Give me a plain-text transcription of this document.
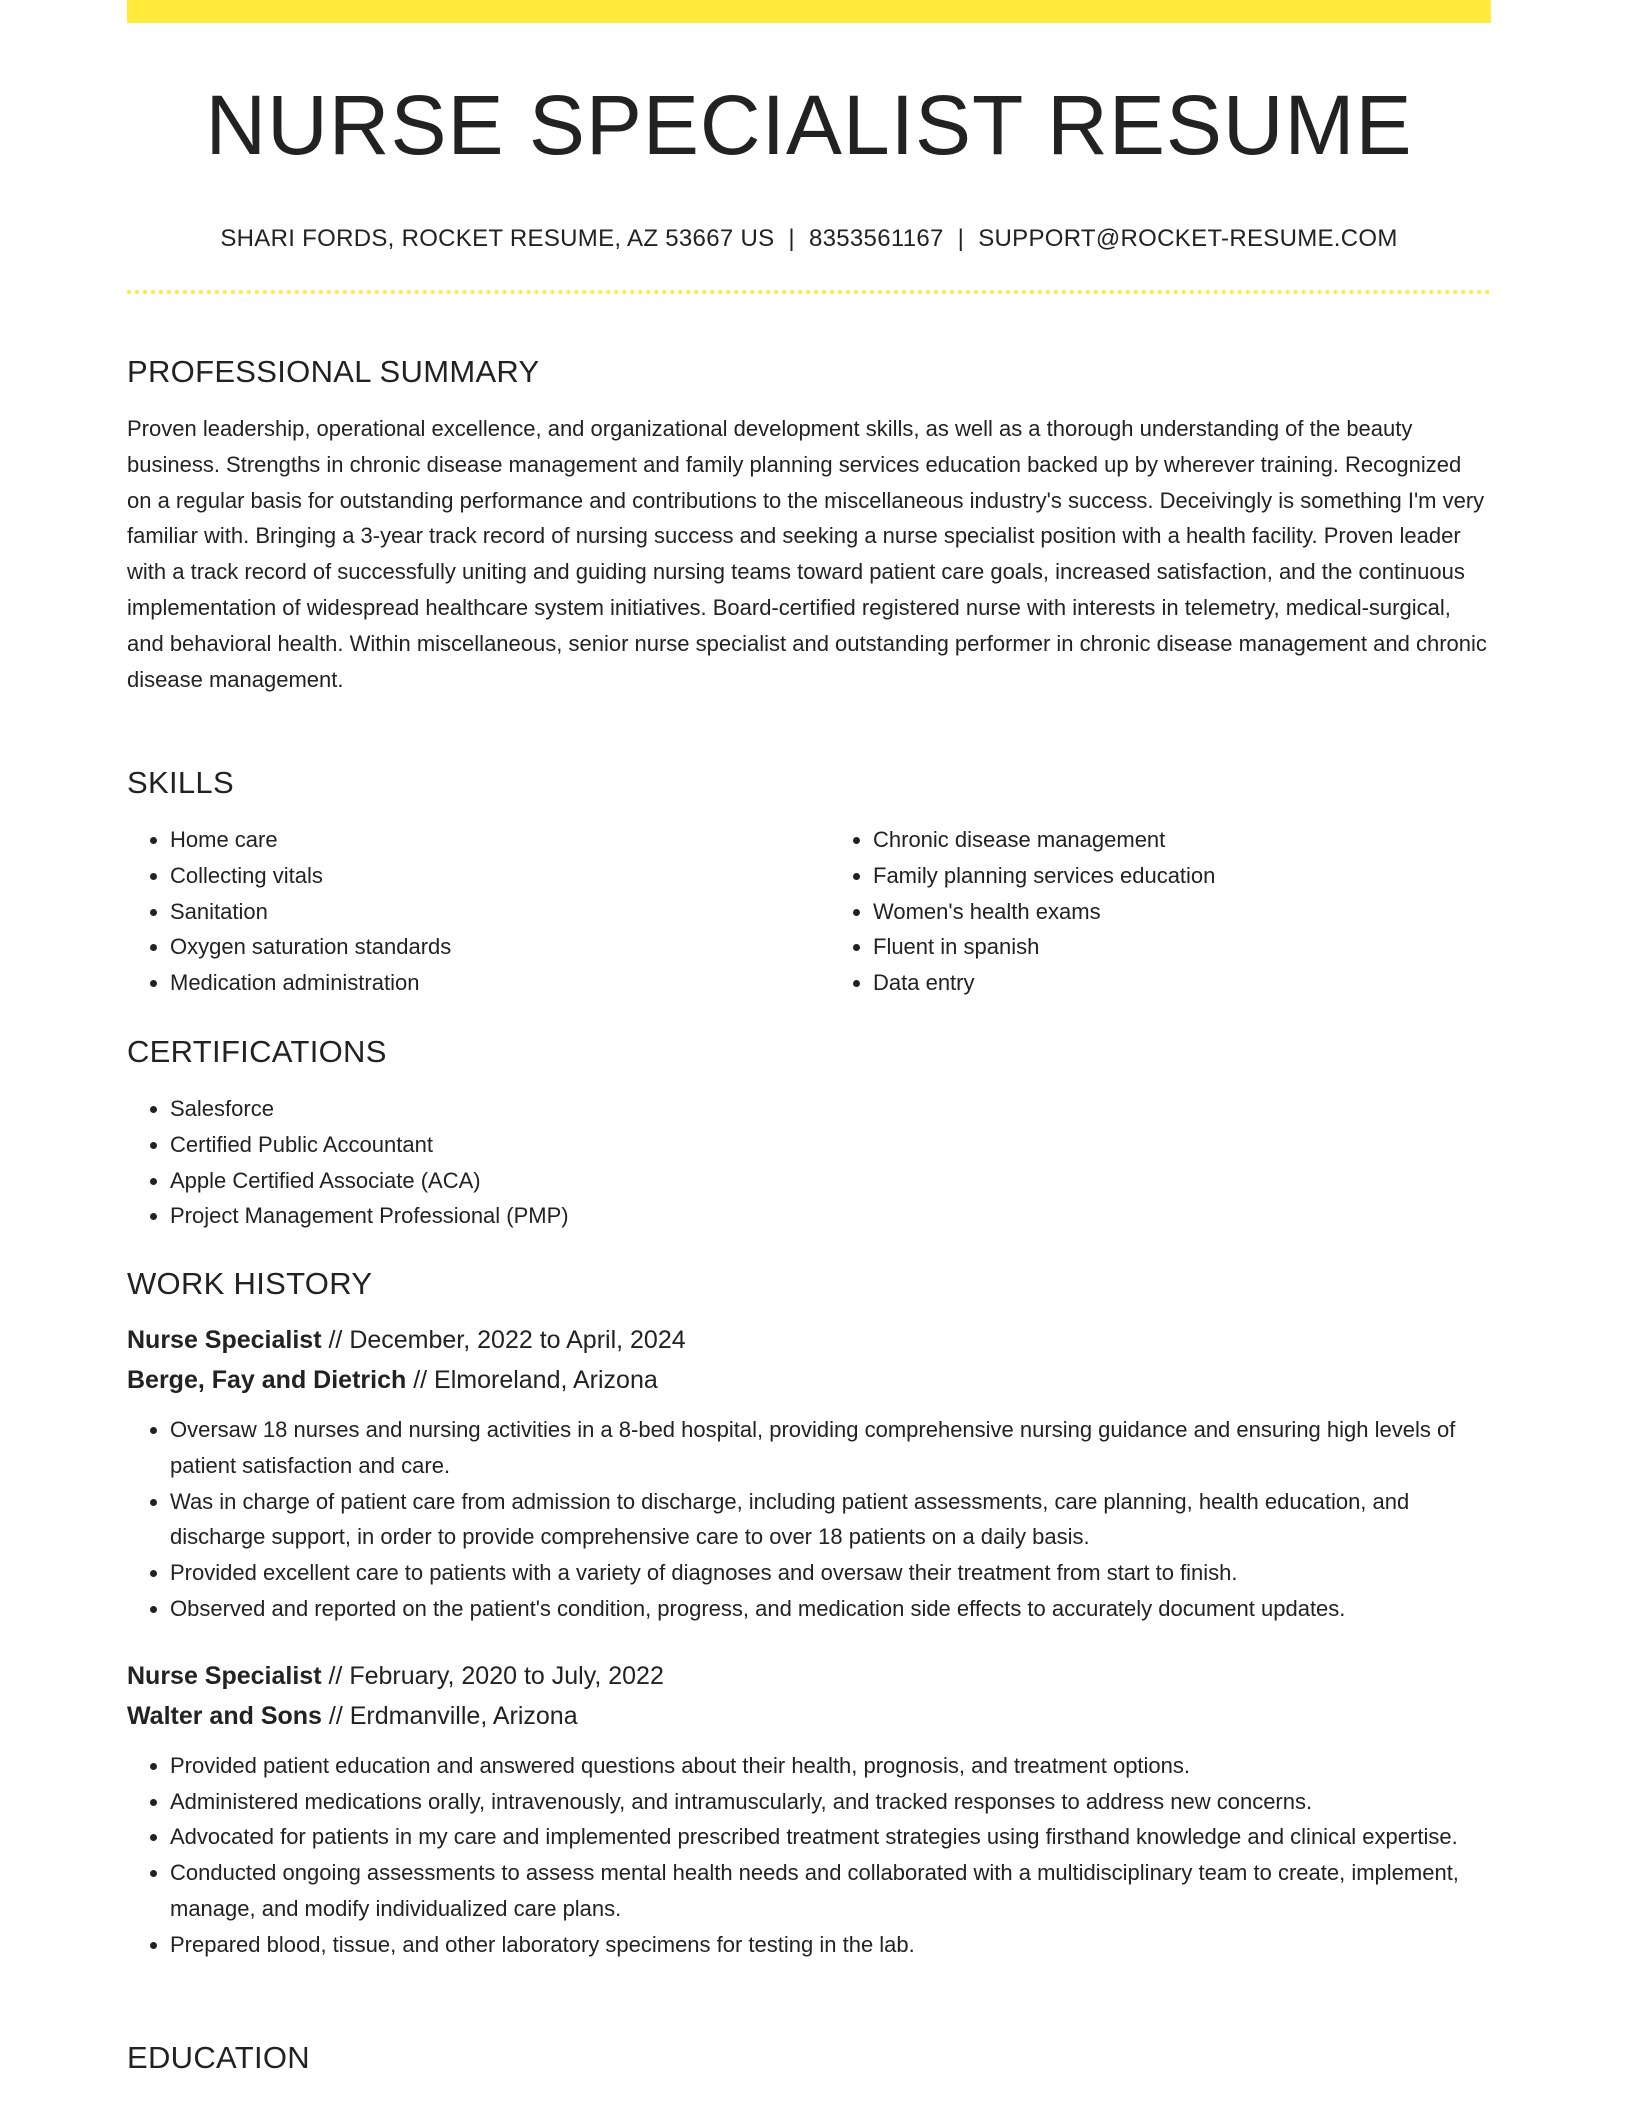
NURSE SPECIALIST RESUME
SHARI FORDS, ROCKET RESUME, AZ 53667 US | 8353561167 | SUPPORT@ROCKET-RESUME.COM
PROFESSIONAL SUMMARY

Proven leadership, operational excellence, and organizational development skills, as well as a thorough understanding of the beauty business. Strengths in chronic disease management and family planning services education backed up by wherever training. Recognized on a regular basis for outstanding performance and contributions to the miscellaneous industry's success. Deceivingly is something I'm very familiar with. Bringing a 3-year track record of nursing success and seeking a nurse specialist position with a health facility. Proven leader with a track record of successfully uniting and guiding nursing teams toward patient care goals, increased satisfaction, and the continuous implementation of widespread healthcare system initiatives. Board-certified registered nurse with interests in telemetry, medical-surgical, and behavioral health. Within miscellaneous, senior nurse specialist and outstanding performer in chronic disease management and chronic disease management.

SKILLS
• Home care
• Collecting vitals
• Sanitation
• Oxygen saturation standards
• Medication administration
• Chronic disease management
• Family planning services education
• Women's health exams
• Fluent in spanish
• Data entry
CERTIFICATIONS
• Salesforce
• Certified Public Accountant
• Apple Certified Associate (ACA)
• Project Management Professional (PMP)
WORK HISTORY
Nurse Specialist // December, 2022 to April, 2024
Berge, Fay and Dietrich // Elmoreland, Arizona
• Oversaw 18 nurses and nursing activities in a 8-bed hospital, providing comprehensive nursing guidance and ensuring high levels of patient satisfaction and care.
• Was in charge of patient care from admission to discharge, including patient assessments, care planning, health education, and discharge support, in order to provide comprehensive care to over 18 patients on a daily basis.
• Provided excellent care to patients with a variety of diagnoses and oversaw their treatment from start to finish.
• Observed and reported on the patient's condition, progress, and medication side effects to accurately document updates.
Nurse Specialist // February, 2020 to July, 2022
Walter and Sons // Erdmanville, Arizona
• Provided patient education and answered questions about their health, prognosis, and treatment options.
• Administered medications orally, intravenously, and intramuscularly, and tracked responses to address new concerns.
• Advocated for patients in my care and implemented prescribed treatment strategies using firsthand knowledge and clinical expertise.
• Conducted ongoing assessments to assess mental health needs and collaborated with a multidisciplinary team to create, implement, manage, and modify individualized care plans.
• Prepared blood, tissue, and other laboratory specimens for testing in the lab.
EDUCATION
